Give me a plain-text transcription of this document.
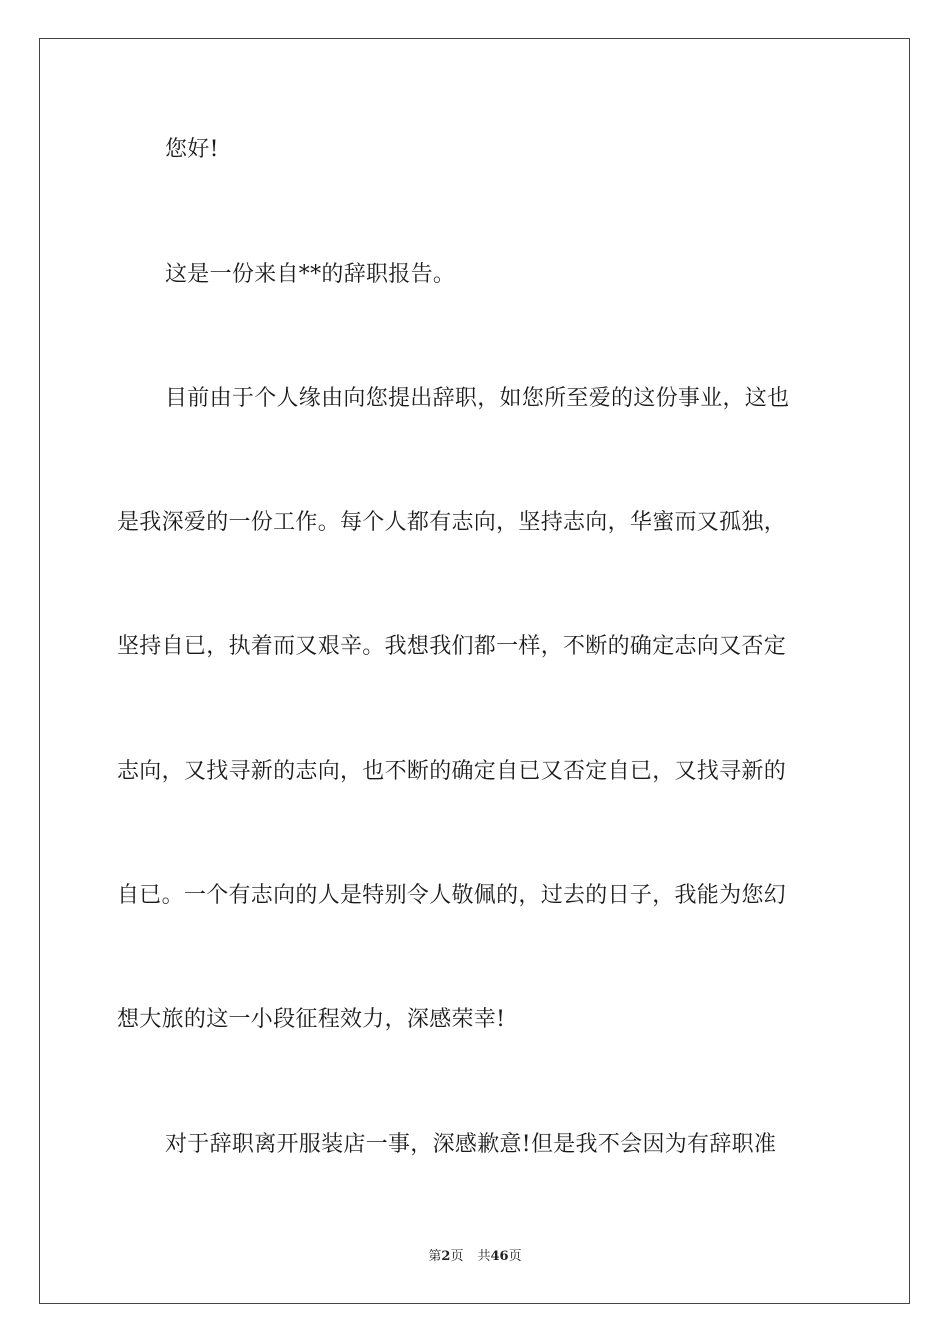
您好!
这是一份来自**的辞职报告。
目前由于个人缘由向您提出辞职，如您所至爱的这份事业，这也
是我深爱的一份工作。每个人都有志向，坚持志向，华蜜而又孤独，
坚持自已，执着而又艰辛。我想我们都一样，不断的确定志向又否定
志向，又找寻新的志向，也不断的确定自已又否定自已，又找寻新的
自已。一个有志向的人是特别令人敬佩的，过去的日子，我能为您幻
想大旅的这一小段征程效力，深感荣幸!
对于辞职离开服装店一事，深感歉意!但是我不会因为有辞职准
第2页 共46页
